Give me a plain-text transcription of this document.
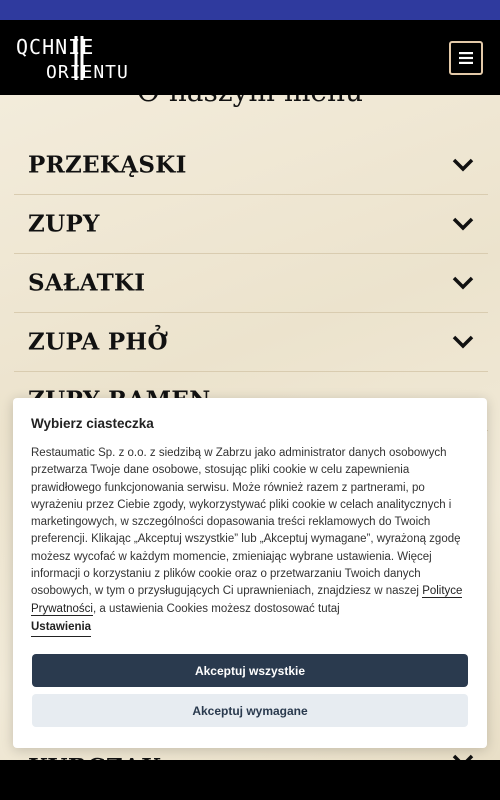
QCHNIE
ORIENTU
PRZEKĄSKI
ZUPY
SAŁATKI
ZUPA PHỞ
Wybierz ciasteczka
Restaumatic Sp. z o.o. z siedzibą w Zabrzu jako administrator danych osobowych przetwarza Twoje dane osobowe, stosując pliki cookie w celu zapewnienia prawidłowego funkcjonowania serwisu. Może również razem z partnerami, po wyrażeniu przez Ciebie zgody, wykorzystywać pliki cookie w celach analitycznych i marketingowych, w szczególności dopasowania treści reklamowych do Twoich preferencji. Klikając „Akceptuj wszystkie” lub „Akceptuj wymagane”, wyrażoną zgodę możesz wycofać w każdym momencie, zmieniając wybrane ustawienia. Więcej informacji o korzystaniu z plików cookie oraz o przetwarzaniu Twoich danych osobowych, w tym o przysługujących Ci uprawnieniach, znajdziesz w naszej Polityce Prywatności, a ustawienia Cookies możesz dostosować tutaj
Ustawienia
Akceptuj wszystkie
Akceptuj wymagane
